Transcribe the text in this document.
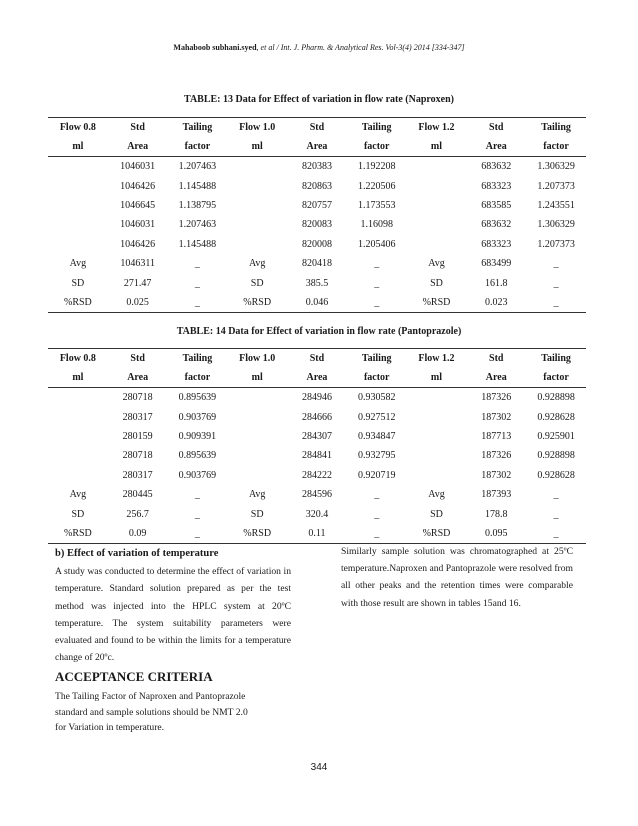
Mahaboob subhani.syed, et al / Int. J. Pharm. & Analytical Res. Vol-3(4) 2014 [334-347]
TABLE: 13 Data for Effect of variation in flow rate (Naproxen)
Flow 0.8	Std	Tailing	Flow 1.0	Std	Tailing	Flow 1.2	Std	Tailing
ml	Area	factor	ml	Area	factor	ml	Area	factor
	1046031	1.207463		820383	1.192208		683632	1.306329
	1046426	1.145488		820863	1.220506		683323	1.207373
	1046645	1.138795		820757	1.173553		683585	1.243551
	1046031	1.207463		820083	1.16098		683632	1.306329
	1046426	1.145488		820008	1.205406		683323	1.207373
Avg	1046311	_	Avg	820418	_	Avg	683499	_
SD	271.47	_	SD	385.5	_	SD	161.8	_
%RSD	0.025	_	%RSD	0.046	_	%RSD	0.023	_
TABLE: 14 Data for Effect of variation in flow rate (Pantoprazole)
Flow 0.8	Std	Tailing	Flow 1.0	Std	Tailing	Flow 1.2	Std	Tailing
ml	Area	factor	ml	Area	factor	ml	Area	factor
	280718	0.895639		284946	0.930582		187326	0.928898
	280317	0.903769		284666	0.927512		187302	0.928628
	280159	0.909391		284307	0.934847		187713	0.925901
	280718	0.895639		284841	0.932795		187326	0.928898
	280317	0.903769		284222	0.920719		187302	0.928628
Avg	280445	_	Avg	284596	_	Avg	187393	_
SD	256.7	_	SD	320.4	_	SD	178.8	_
%RSD	0.09	_	%RSD	0.11	_	%RSD	0.095	_
b) Effect of variation of temperature
A study was conducted to determine the effect of variation in temperature. Standard solution prepared as per the test method was injected into the HPLC system at 20ºC temperature. The system suitability parameters were evaluated and found to be within the limits for a temperature change of 20ºc.
Similarly sample solution was chromatographed at 25ºC temperature.Naproxen and Pantoprazole were resolved from all other peaks and the retention times were comparable with those result are shown in tables 15and 16.
ACCEPTANCE CRITERIA
The Tailing Factor of Naproxen and Pantoprazole
standard and sample solutions should be NMT 2.0
for Variation in temperature.
344
